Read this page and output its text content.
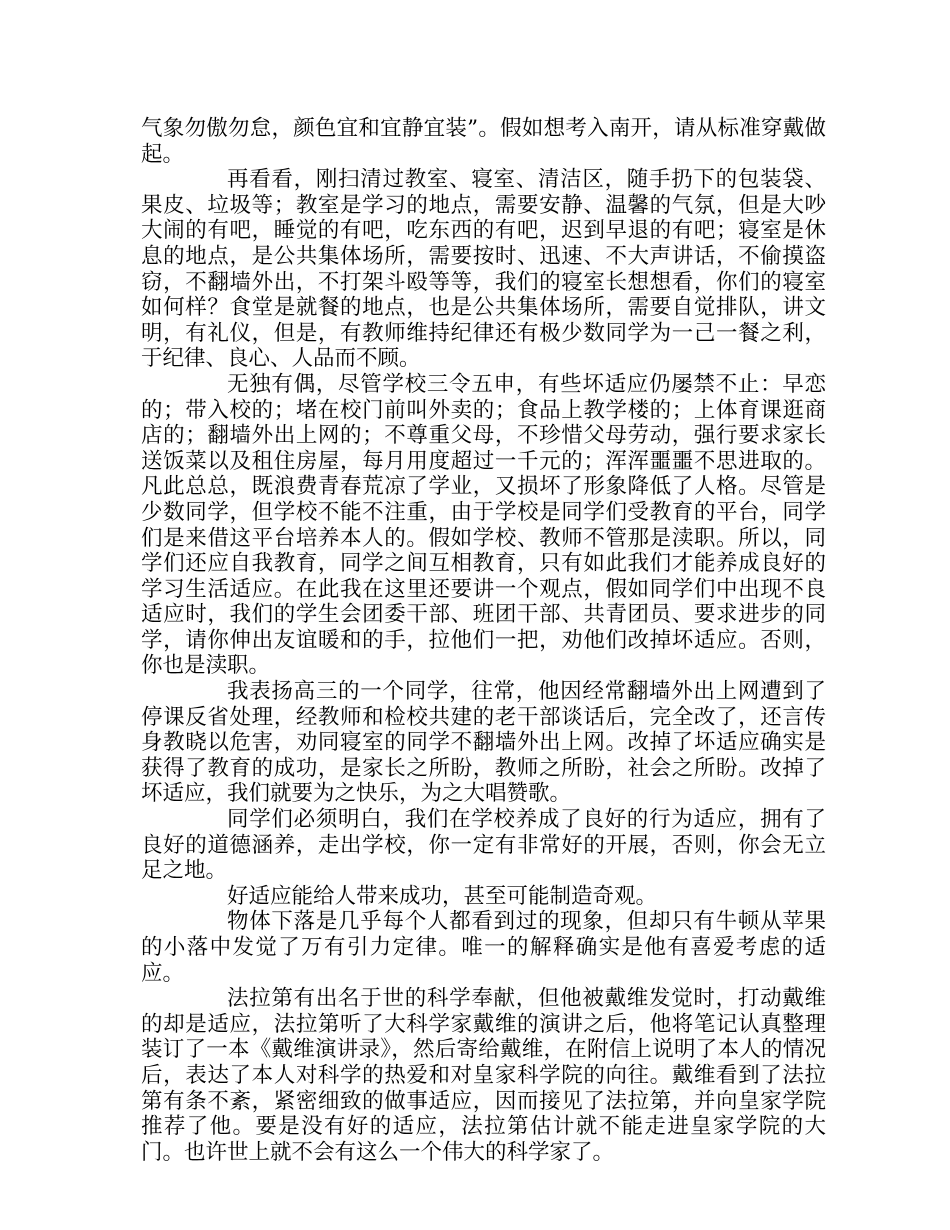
气象勿傲勿怠，颜色宜和宜静宜装”。假如想考入南开，请从标准穿戴做起。

再看看，刚扫清过教室、寝室、清洁区，随手扔下的包装袋、果皮、垃圾等；教室是学习的地点，需要安静、温馨的气氛，但是大吵大闹的有吧，睡觉的有吧，吃东西的有吧，迟到早退的有吧；寝室是休息的地点，是公共集体场所，需要按时、迅速、不大声讲话，不偷摸盗窃，不翻墙外出，不打架斗殴等等，我们的寝室长想想看，你们的寝室如何样？食堂是就餐的地点，也是公共集体场所，需要自觉排队，讲文明，有礼仪，但是，有教师维持纪律还有极少数同学为一己一餐之利，于纪律、良心、人品而不顾。

无独有偶，尽管学校三令五申，有些坏适应仍屡禁不止：早恋的；带入校的；堵在校门前叫外卖的；食品上教学楼的；上体育课逛商店的；翻墙外出上网的；不尊重父母，不珍惜父母劳动，强行要求家长送饭菜以及租住房屋，每月用度超过一千元的；浑浑噩噩不思进取的。凡此总总，既浪费青春荒凉了学业，又损坏了形象降低了人格。尽管是少数同学，但学校不能不注重，由于学校是同学们受教育的平台，同学们是来借这平台培养本人的。假如学校、教师不管那是渎职。所以，同学们还应自我教育，同学之间互相教育，只有如此我们才能养成良好的学习生活适应。在此我在这里还要讲一个观点，假如同学们中出现不良适应时，我们的学生会团委干部、班团干部、共青团员、要求进步的同学，请你伸出友谊暖和的手，拉他们一把，劝他们改掉坏适应。否则，你也是渎职。

我表扬高三的一个同学，往常，他因经常翻墙外出上网遭到了停课反省处理，经教师和检校共建的老干部谈话后，完全改了，还言传身教晓以危害，劝同寝室的同学不翻墙外出上网。改掉了坏适应确实是获得了教育的成功，是家长之所盼，教师之所盼，社会之所盼。改掉了坏适应，我们就要为之快乐，为之大唱赞歌。

同学们必须明白，我们在学校养成了良好的行为适应，拥有了良好的道德涵养，走出学校，你一定有非常好的开展，否则，你会无立足之地。

好适应能给人带来成功，甚至可能制造奇观。

物体下落是几乎每个人都看到过的现象，但却只有牛顿从苹果的小落中发觉了万有引力定律。唯一的解释确实是他有喜爱考虑的适应。

法拉第有出名于世的科学奉献，但他被戴维发觉时，打动戴维的却是适应，法拉第听了大科学家戴维的演讲之后，他将笔记认真整理装订了一本《戴维演讲录》，然后寄给戴维，在附信上说明了本人的情况后，表达了本人对科学的热爱和对皇家科学院的向往。戴维看到了法拉第有条不紊，紧密细致的做事适应，因而接见了法拉第，并向皇家学院推荐了他。要是没有好的适应，法拉第估计就不能走进皇家学院的大门。也许世上就不会有这么一个伟大的科学家了。
